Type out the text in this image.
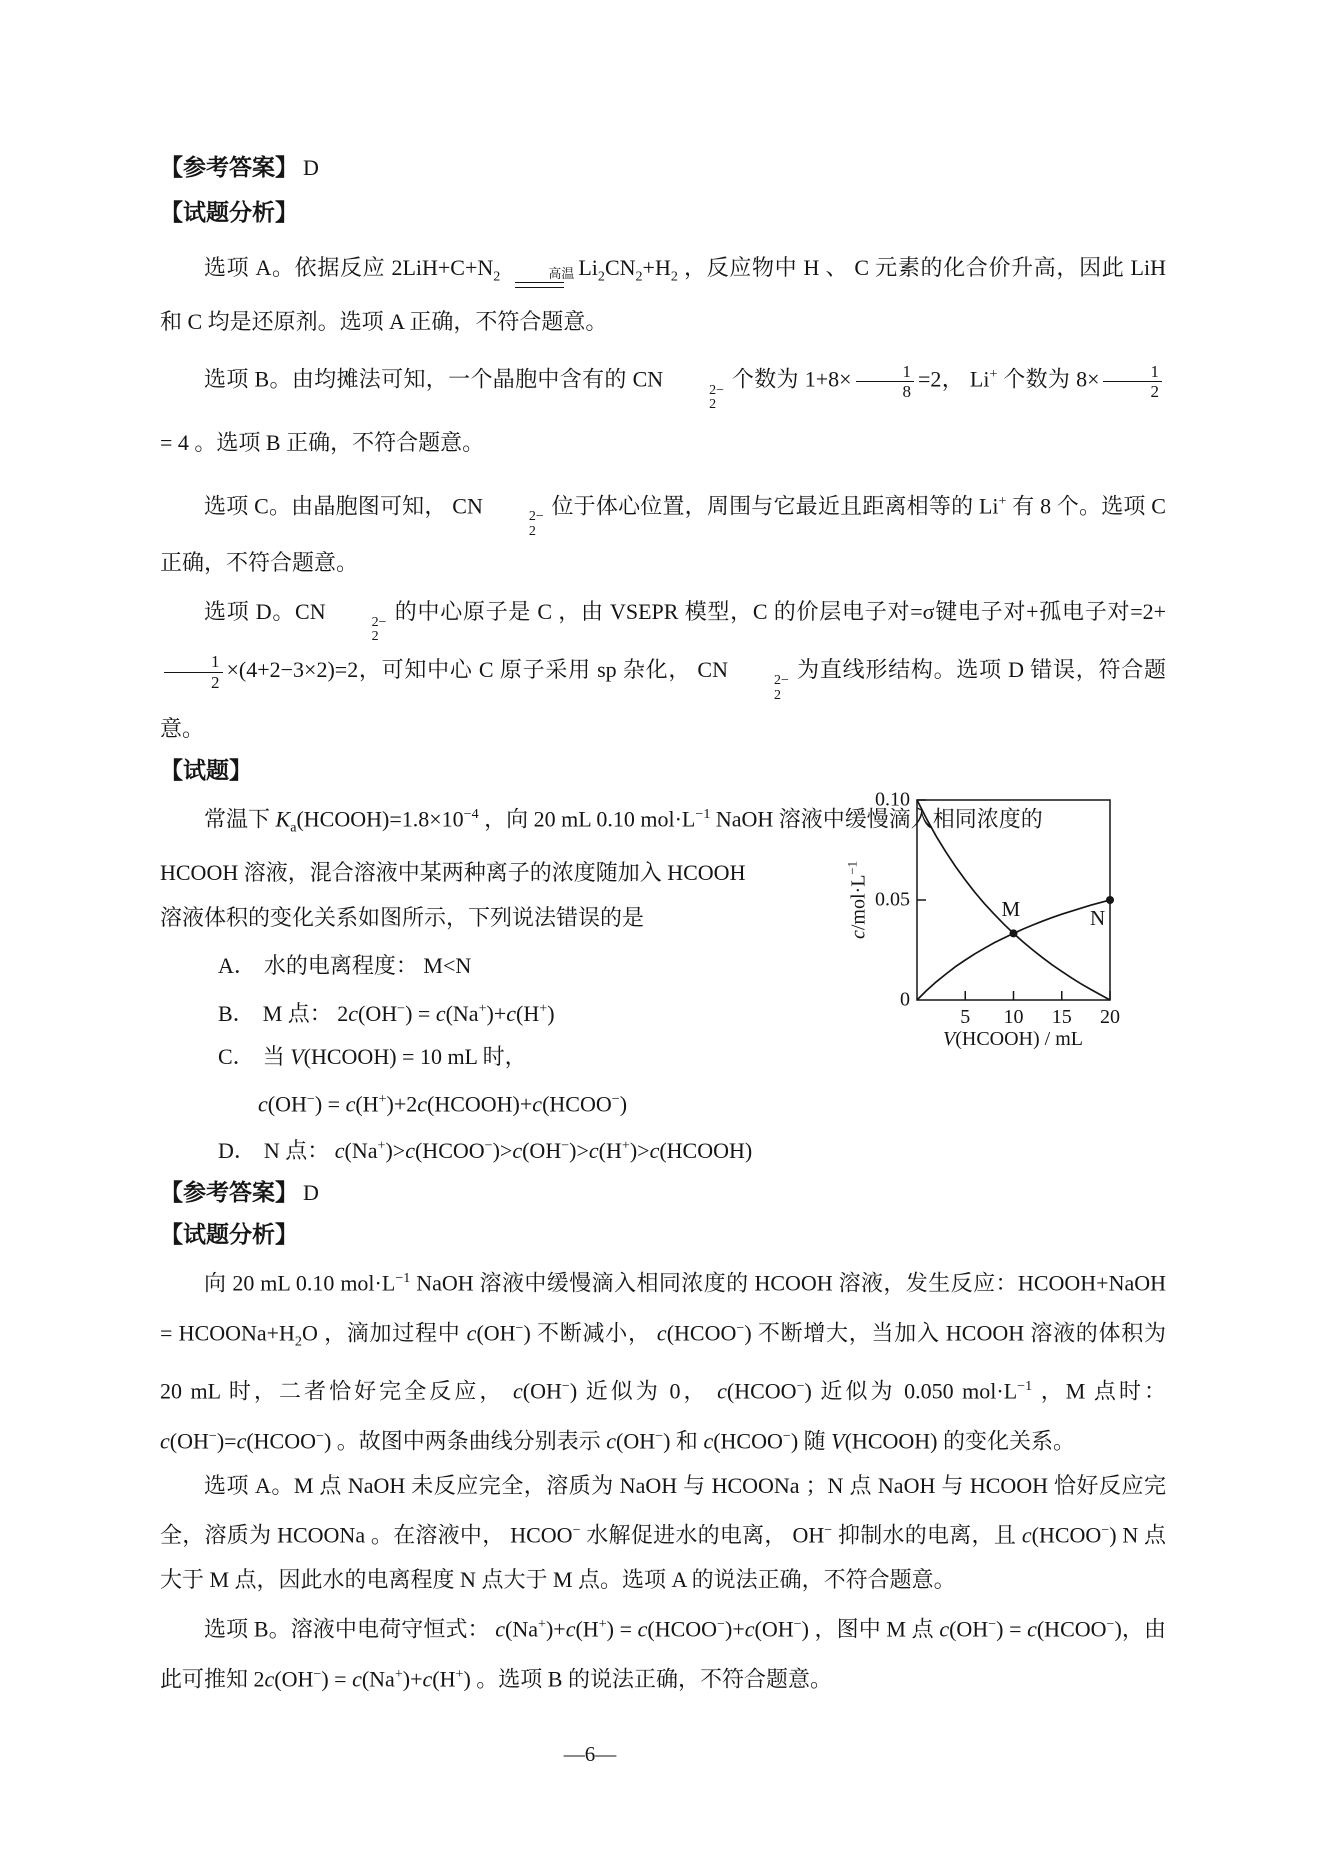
【参考答案】 D
【试题分析】
选项 A。依据反应 $2LiH+C+N_2$	高温 $Li_2CN_2+H_2$ ，反应物中 H 、 C 元素的化合价升高，因此 LiH 和 C 均是还原剂。选项 A 正确，不符合题意。
选项 B。由均摊法可知，一个晶胞中含有的 CN	2−
2
个数为 $1+8\times \frac{1}{8} =2$， Li+ 个数为 $8\times \frac{1}{2}$
= 4 。选项 B 正确，不符合题意。
选项 C。由晶胞图可知， CN	2−
2
位于体心位置，周围与它最近且距离相等的 Li+ 有 8 个。选项 C 正确，不符合题意。
选项 D。CN	2−
2
的中心原子是 C ，由 VSEPR 模型，C 的价层电子对=σ键电子对+孤电子对=2+
$\frac{1}{2} \times(4+2-3\times 2)=2$，可知中心 C 原子采用 sp 杂化， CN	2−
2
为直线形结构。选项 D 错误，符合题意。
【试题】
常温下 $K_a(HCOOH)=1.8\times 10^{-4}$ ，向 20 mL 0.10 $mol\cdot L^{-1}$ NaOH 溶液中缓慢滴入相同浓度的
HCOOH 溶液，混合溶液中某两种离子的浓度随加入 HCOOH
溶液体积的变化关系如图所示，下列说法错误的是
A． 水的电离程度： M<N
B． M 点： 2c(OH−) = c(Na+)+c(H+)
C． 当 V(HCOOH) = 10 mL 时，
c(OH−) = c(H+)+2c(HCOOH)+c(HCOO−)
D． N 点： c(Na+)>c(HCOO−)>c(OH−)>c(H+)>c(HCOOH)
【参考答案】 D
【试题分析】
向 20 mL 0.10 $mol\cdot L^{-1}$ NaOH 溶液中缓慢滴入相同浓度的 HCOOH 溶液，发生反应：HCOOH+NaOH = $HCOONa+H_2O$ ，滴加过程中 c(OH−) 不断减小， c(HCOO−) 不断增大，当加入 HCOOH 溶液的体积为 20 mL 时，二者恰好完全反应， c(OH−) 近似为 0， c(HCOO−) 近似为 0.050 $mol\cdot L^{-1}$ ，M 点时： c(OH−)=c(HCOO−) 。故图中两条曲线分别表示 c(OH−) 和 c(HCOO−) 随 V(HCOOH) 的变化关系。
选项 A。M 点 NaOH 未反应完全，溶质为 NaOH 与 HCOONa ；N 点 NaOH 与 HCOOH 恰好反应完全，溶质为 HCOONa 。在溶液中， HCOO− 水解促进水的电离， OH− 抑制水的电离，且 c(HCOO−) N 点大于 M 点，因此水的电离程度 N 点大于 M 点。选项 A 的说法正确，不符合题意。
选项 B。溶液中电荷守恒式： c(Na+)+c(H+) = c(HCOO−)+c(OH−) ，图中 M 点 c(OH−) = c(HCOO−)，由此可推知 2c(OH−) = c(Na+)+c(H+) 。选项 B 的说法正确，不符合题意。
$c/mol\cdot L^{-1}$
V(HCOOH) / mL
M	N
5 10 15 20
0
0.05
0.10
—6—
